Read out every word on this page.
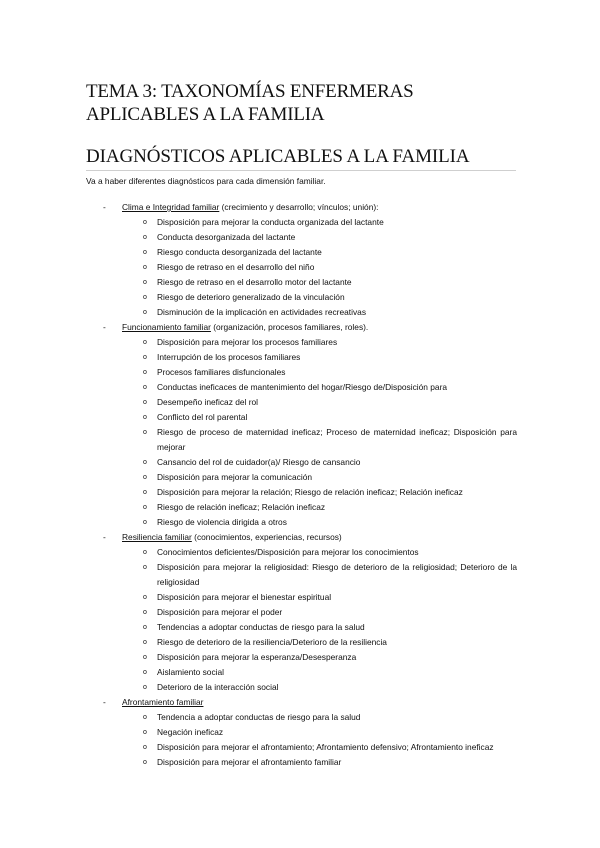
TEMA 3: TAXONOMÍAS ENFERMERAS APLICABLES A LA FAMILIA
DIAGNÓSTICOS APLICABLES A LA FAMILIA

Va a haber diferentes diagnósticos para cada dimensión familiar.

- Clima e Integridad familiar (crecimiento y desarrollo; vínculos; unión):
o Disposición para mejorar la conducta organizada del lactante
o Conducta desorganizada del lactante
o Riesgo conducta desorganizada del lactante
o Riesgo de retraso en el desarrollo del niño
o Riesgo de retraso en el desarrollo motor del lactante
o Riesgo de deterioro generalizado de la vinculación
o Disminución de la implicación en actividades recreativas
- Funcionamiento familiar (organización, procesos familiares, roles).
o Disposición para mejorar los procesos familiares
o Interrupción de los procesos familiares
o Procesos familiares disfuncionales
o Conductas ineficaces de mantenimiento del hogar/Riesgo de/Disposición para
o Desempeño ineficaz del rol
o Conflicto del rol parental
o Riesgo de proceso de maternidad ineficaz; Proceso de maternidad ineficaz; Disposición para mejorar
o Cansancio del rol de cuidador(a)/ Riesgo de cansancio
o Disposición para mejorar la comunicación
o Disposición para mejorar la relación; Riesgo de relación ineficaz; Relación ineficaz
o Riesgo de relación ineficaz; Relación ineficaz
o Riesgo de violencia dirigida a otros
- Resiliencia familiar (conocimientos, experiencias, recursos)
o Conocimientos deficientes/Disposición para mejorar los conocimientos
o Disposición para mejorar la religiosidad: Riesgo de deterioro de la religiosidad; Deterioro de la religiosidad
o Disposición para mejorar el bienestar espiritual
o Disposición para mejorar el poder
o Tendencias a adoptar conductas de riesgo para la salud
o Riesgo de deterioro de la resiliencia/Deterioro de la resiliencia
o Disposición para mejorar la esperanza/Desesperanza
o Aislamiento social
o Deterioro de la interacción social
- Afrontamiento familiar
o Tendencia a adoptar conductas de riesgo para la salud
o Negación ineficaz
o Disposición para mejorar el afrontamiento; Afrontamiento defensivo; Afrontamiento ineficaz
o Disposición para mejorar el afrontamiento familiar
